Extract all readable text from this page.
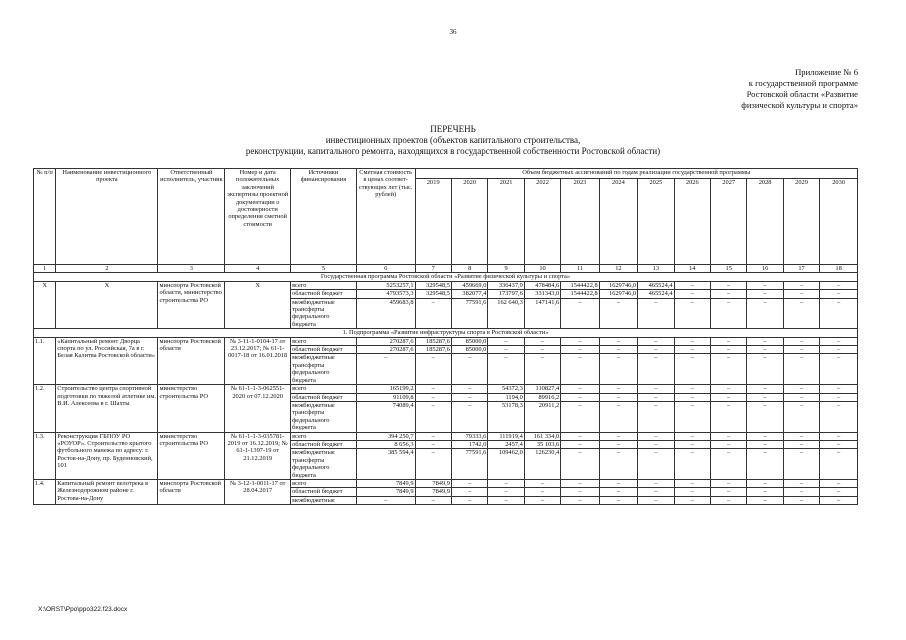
36
Приложение № 6
к государственной программе
Ростовской области «Развитие
физической культуры и спорта»
ПЕРЕЧЕНЬ
инвестиционных проектов (объектов капитального строительства,
реконструкции, капитального ремонта, находящихся в государственной собственности Ростовской области)
№ п/п	Наименование инвестиционного проекта	Ответственный исполнитель, участник	Номер и дата положительных заключений экспертизы проектной документации о достоверности определения сметной стоимости	Источники финансирования	Сметная стоимость в ценах соответ-ствующих лет (тыс. рублей)	Объем бюджетных ассигнований по годам реализации государственной программы											
						2019	2020	2021	2022	2023	2024	2025	2026	2027	2028	2029	2030
1	2	3	4	5	6	7	8	9	10	11	12	13	14	15	16	17	18
Государственная программа Ростовской области «Развитие физической культуры и спорта»																	
Х	Х	минспорта Ростовской области, министерство строительства РО	Х	всего	5253257,1	329548,5	459669,0	336437,9	478484,6	1544422,8	1629746,0	465524,4	–	–	–	–	–
				областной бюджет	4793573,3	329548,5	382077,4	173797,6	331343,0	1544422,8	1629746,0	465524,4	–	–	–	–	–
				межбюджетные трансферты федерального бюджета	459683,8	–	77591,6	162 640,3	147141,6	–	–	–	–	–	–	–	–
1. Подпрограмма «Развитие инфраструктуры спорта в Ростовской области»																	
1.1.	«Капитальный ремонт Дворца спорта по ул. Российская, 7а в г. Белая Калитва Ростовской области»	минспорта Ростовской области	№ 3-11-1-0104-17 от 23.12.2017; № 61-1-0017-18 от 16.01.2018	всего	270287,6	185287,6	85000,0	–	–	–	–	–	–	–	–	–	–
				областной бюджет	270287,6	185287,6	85000,0	–	–	–	–	–	–	–	–	–	–
				межбюджетные трансферты федерального бюджета	–	–	–	–	–	–	–	–	–	–	–	–	–
1.2.	Строительство центра спортивной подготовки по тяжелой атлетике им. В.И. Алексеева в г. Шахты	министерство строительства РО	№ 61-1-1-3-062551-2020 от 07.12.2020	всего	165199,2	–	–	54372,3	110827,4	–	–	–	–	–	–	–	–
				областной бюджет	91109,8	–	–	1194,0	89916,2	–	–	–	–	–	–	–	–
				межбюджетные трансферты федерального бюджета	74089,4	–	–	53178,3	20911,2	–	–	–	–	–	–	–	–
1.3.	Реконструкция ГБПОУ РО «РОУОР». Строительство крытого футбольного манежа по адресу: г. Ростов-на-Дону, пр. Буденновский, 101	министерство строительства РО	№ 61-1-1-3-035781-2019 от 16.12.2019; № 61-1-1397-19 от 21.12.2019	всего	394 250,7	–	79333,6	111919,4	161 334,0	–	–	–	–	–	–	–	–
				областной бюджет	8 656,3	–	1742,0	2457,4	35 103,6	–	–	–	–	–	–	–	–
				межбюджетные трансферты федерального бюджета	385 594,4	–	77591,6	109462,0	126230,4	–	–	–	–	–	–	–	–
1.4.	Капитальный ремонт велотрека в Железнодорожном районе г. Ростова-на-Дону	минспорта Ростовской области	№ 3-12-1-0011-17 от 28.04.2017	всего	7849,9	7849,9	–	–	–	–	–	–	–	–	–	–	–
				областной бюджет	7849,9	7849,9	–	–	–	–	–	–	–	–	–	–	–
				межбюджетные	–	–	–	–	–	–	–	–	–	–	–	–	–
X:\ORST\Ppo\ppo322.f23.docx
